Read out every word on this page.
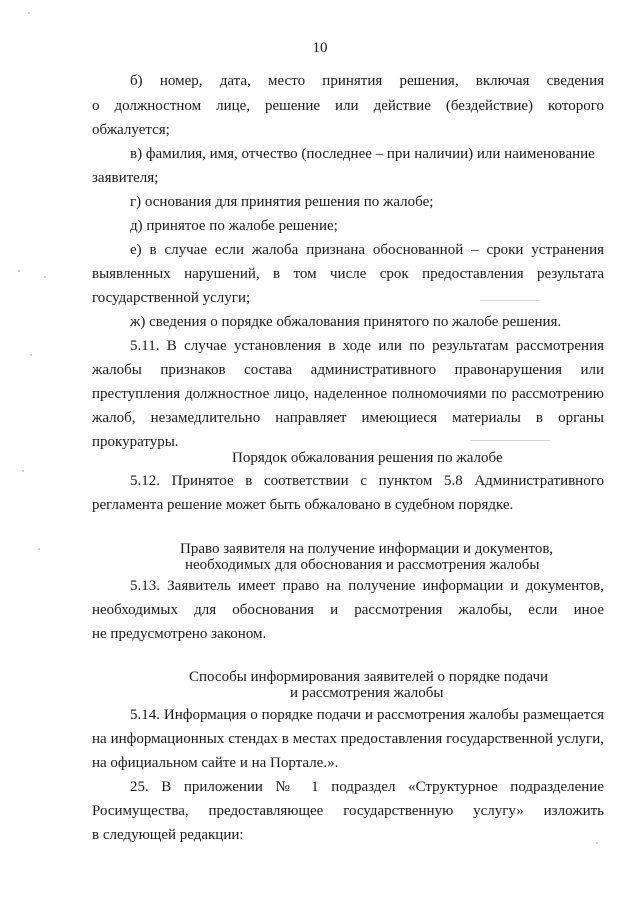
10
б) номер, дата, место принятия решения, включая сведения
о должностном лице, решение или действие (бездействие) которого
обжалуется;
в) фамилия, имя, отчество (последнее – при наличии) или наименование
заявителя;
г) основания для принятия решения по жалобе;
д) принятое по жалобе решение;
е) в случае если жалоба признана обоснованной – сроки устранения
выявленных нарушений, в том числе срок предоставления результата
государственной услуги;
ж) сведения о порядке обжалования принятого по жалобе решения.
5.11. В случае установления в ходе или по результатам рассмотрения
жалобы признаков состава административного правонарушения или
преступления должностное лицо, наделенное полномочиями по рассмотрению
жалоб, незамедлительно направляет имеющиеся материалы в органы
прокуратуры.
Порядок обжалования решения по жалобе
5.12. Принятое в соответствии с пунктом 5.8 Административного
регламента решение может быть обжаловано в судебном порядке.
Право заявителя на получение информации и документов,
необходимых для обоснования и рассмотрения жалобы
5.13. Заявитель имеет право на получение информации и документов,
необходимых для обоснования и рассмотрения жалобы, если иное
не предусмотрено законом.
Способы информирования заявителей о порядке подачи
и рассмотрения жалобы
5.14. Информация о порядке подачи и рассмотрения жалобы размещается
на информационных стендах в местах предоставления государственной услуги,
на официальном сайте и на Портале.».
25. В приложении № 1 подраздел «Структурное подразделение
Росимущества, предоставляющее государственную услугу» изложить
в следующей редакции:
